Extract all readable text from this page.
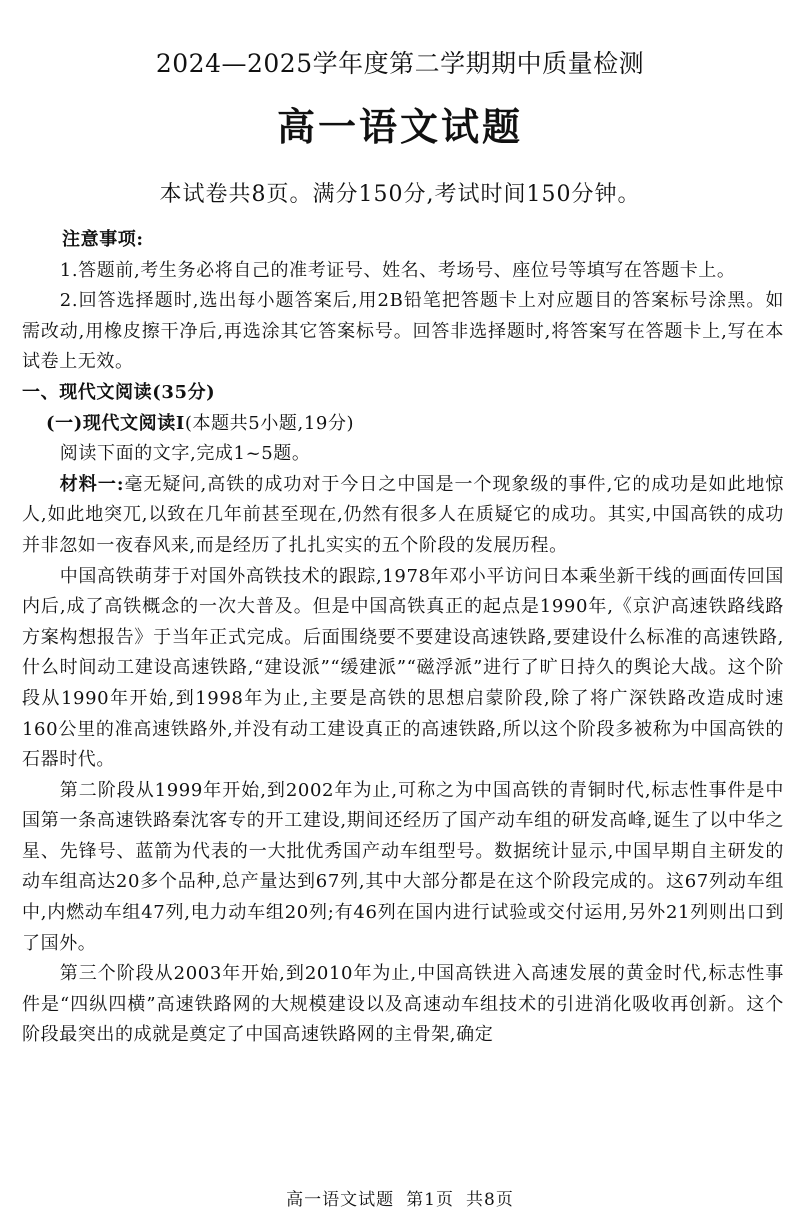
2024—2025学年度第二学期期中质量检测
高一语文试题
本试卷共8页。满分150分,考试时间150分钟。

注意事项:

1.答题前,考生务必将自己的准考证号、姓名、考场号、座位号等填写在答题卡上。

2.回答选择题时,选出每小题答案后,用2B铅笔把答题卡上对应题目的答案标号涂黑。如需改动,用橡皮擦干净后,再选涂其它答案标号。回答非选择题时,将答案写在答题卡上,写在本试卷上无效。

一、现代文阅读(35分)

(一)现代文阅读Ⅰ(本题共5小题,19分)

阅读下面的文字,完成1~5题。

材料一:毫无疑问,高铁的成功对于今日之中国是一个现象级的事件,它的成功是如此地惊人,如此地突兀,以致在几年前甚至现在,仍然有很多人在质疑它的成功。其实,中国高铁的成功并非忽如一夜春风来,而是经历了扎扎实实的五个阶段的发展历程。

中国高铁萌芽于对国外高铁技术的跟踪,1978年邓小平访问日本乘坐新干线的画面传回国内后,成了高铁概念的一次大普及。但是中国高铁真正的起点是1990年,《京沪高速铁路线路方案构想报告》于当年正式完成。后面围绕要不要建设高速铁路,要建设什么标准的高速铁路,什么时间动工建设高速铁路,“建设派”“缓建派”“磁浮派”进行了旷日持久的舆论大战。这个阶段从1990年开始,到1998年为止,主要是高铁的思想启蒙阶段,除了将广深铁路改造成时速160公里的准高速铁路外,并没有动工建设真正的高速铁路,所以这个阶段多被称为中国高铁的石器时代。

第二阶段从1999年开始,到2002年为止,可称之为中国高铁的青铜时代,标志性事件是中国第一条高速铁路秦沈客专的开工建设,期间还经历了国产动车组的研发高峰,诞生了以中华之星、先锋号、蓝箭为代表的一大批优秀国产动车组型号。数据统计显示,中国早期自主研发的动车组高达20多个品种,总产量达到67列,其中大部分都是在这个阶段完成的。这67列动车组中,内燃动车组47列,电力动车组20列;有46列在国内进行试验或交付运用,另外21列则出口到了国外。

第三个阶段从2003年开始,到2010年为止,中国高铁进入高速发展的黄金时代,标志性事件是“四纵四横”高速铁路网的大规模建设以及高速动车组技术的引进消化吸收再创新。这个阶段最突出的成就是奠定了中国高速铁路网的主骨架,确定

高一语文试题 第1页 共8页
